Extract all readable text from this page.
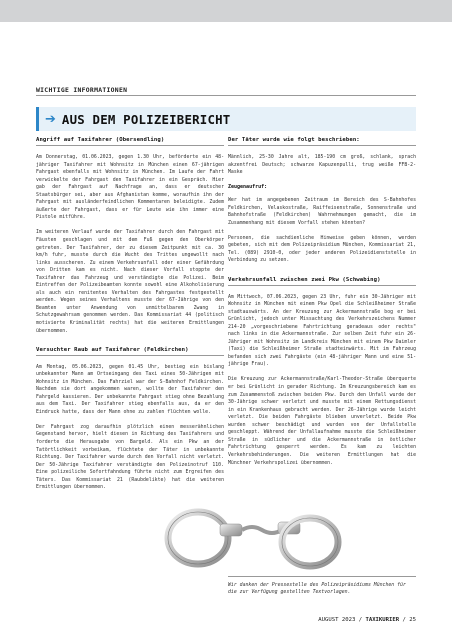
WICHTIGE INFORMATIONEN
➔ AUS DEM POLIZEIBERICHT
Angriff auf Taxifahrer (Obersendling)

Am Donnerstag, 01.06.2023, gegen 1.30 Uhr, beförderte ein 48-jähriger Taxifahrer mit Wohnsitz in München einen 67-jährigen Fahrgast ebenfalls mit Wohnsitz in München. Im Laufe der Fahrt verwickelte der Fahrgast den Taxifahrer in ein Gespräch. Hier gab der Fahrgast auf Nachfrage an, dass er deutscher Staatsbürger sei, aber aus Afghanistan komme, woraufhin ihn der Fahrgast mit ausländerfeindlichen Kommentaren beleidigte. Zudem äußerte der Fahrgast, dass er für Leute wie ihn immer eine Pistole mitführe.

Im weiteren Verlauf wurde der Taxifahrer durch den Fahrgast mit Fäusten geschlagen und mit dem Fuß gegen den Oberkörper getreten. Der Taxifahrer, der zu diesem Zeitpunkt mit ca. 30 km/h fuhr, musste durch die Wucht des Trittes ungewollt nach links ausscheren. Zu einem Verkehrsunfall oder einer Gefährdung von Dritten kam es nicht. Nach dieser Vorfall stoppte der Taxifahrer das Fahrzeug und verständigte die Polizei. Beim Eintreffen der Polizeibeamten konnte sowohl eine Alkoholisierung als auch ein renitentes Verhalten des Fahrgastes festgestellt werden. Wegen seines Verhaltens musste der 67-Jährige von den Beamten unter Anwendung von unmittelbarem Zwang in Schutzgewahrsam genommen werden. Das Kommissariat 44 (politisch motivierte Kriminalität rechts) hat die weiteren Ermittlungen übernommen.

Versuchter Raub auf Taxifahrer (Feldkirchen)

Am Montag, 05.06.2023, gegen 01.45 Uhr, bestieg ein bislang unbekannter Mann am Ortseingang des Taxi eines 50-Jährigen mit Wohnsitz in München. Das Fahrziel war der S-Bahnhof Feldkirchen. Nachdem sie dort angekommen waren, wollte der Taxifahrer den Fahrgeld kassieren. Der unbekannte Fahrgast stieg ohne Bezahlung aus dem Taxi. Der Taxifahrer stieg ebenfalls aus, da er den Eindruck hatte, dass der Mann ohne zu zahlen flüchten wolle.

Der Fahrgast zog daraufhin plötzlich einen messerähnlichen Gegenstand hervor, hielt diesen in Richtung des Taxifahrers und forderte die Herausgabe von Bargeld. Als ein Pkw an der Tatörtlichkeit vorbeikam, flüchtete der Täter in unbekannte Richtung. Der Taxifahrer wurde durch den Vorfall nicht verletzt. Der 50-Jährige Taxifahrer verständigte den Polizeinotruf 110. Eine polizeiliche Sofortfahndung führte nicht zum Ergreifen des Täters. Das Kommissariat 21 (Raubdelikte) hat die weiteren Ermittlungen übernommen.

Der Täter wurde wie folgt beschrieben:

Männlich, 25-30 Jahre alt, 185-190 cm groß, schlank, sprach akzentfrei Deutsch; schwarze Kapuzenpulli, trug weiße FFB-2-Maske

Zeugenaufruf:

Wer hat im angegebenen Zeitraum im Bereich des S-Bahnhofes Feldkirchen, Velaskostraße, Raiffeisenstraße, Sonnenstraße und Bahnhofstraße (Feldkirchen) Wahrnehmungen gemacht, die im Zusammenhang mit diesem Vorfall stehen könnten?

Personen, die sachdienliche Hinweise geben können, werden gebeten, sich mit dem Polizeipräsidium München, Kommissariat 21, Tel. (089) 2910-0, oder jeder anderen Polizeidienststelle in Verbindung zu setzen.

Verkehrsunfall zwischen zwei Pkw (Schwabing)

Am Mittwoch, 07.06.2023, gegen 23 Uhr, fuhr ein 30-Jähriger mit Wohnsitz in München mit einem Pkw Opel die Schleißheimer Straße stadtauswärts. An der Kreuzung zur Ackermannstraße bog er bei Grünlicht, jedoch unter Missachtung des Verkehrszeichens Nummer 214-20 „vorgeschriebene Fahrtrichtung geradeaus oder rechts" nach links in die Ackermannstraße. Zur selben Zeit fuhr ein 26-Jähriger mit Wohnsitz im Landkreis München mit einem Pkw Daimler (Taxi) die Schleißheimer Straße stadteinwärts. Mit im Fahrzeug befanden sich zwei Fahrgäste (ein 48-jähriger Mann und eine 51-jährige Frau).

Die Kreuzung zur Ackermannstraße/Karl-Theodor-Straße überquerte er bei Grünlicht in gerader Richtung. Im Kreuzungsbereich kam es zum Zusammenstoß zwischen beiden Pkw. Durch den Unfall wurde der 30-Jährige schwer verletzt und musste mit einem Rettungsdienst in ein Krankenhaus gebracht werden. Der 26-Jährige wurde leicht verletzt. Die beiden Fahrgäste blieben unverletzt. Beide Pkw wurden schwer beschädigt und wurden von der Unfallstelle geschleppt. Während der Unfallaufnahme musste die Schleißheimer Straße in südlicher und die Ackermannstraße in östlicher Fahrtrichtung gesperrt werden. Es kam zu leichten Verkehrsbehinderungen. Die weiteren Ermittlungen hat die Münchner Verkehrspolizei übernommen.

Wir danken der Pressestelle des Polizeipräsidiums München für die zur Verfügung gestellten Textvorlagen.
AUGUST 2023 / TAXIKURIER / 25
